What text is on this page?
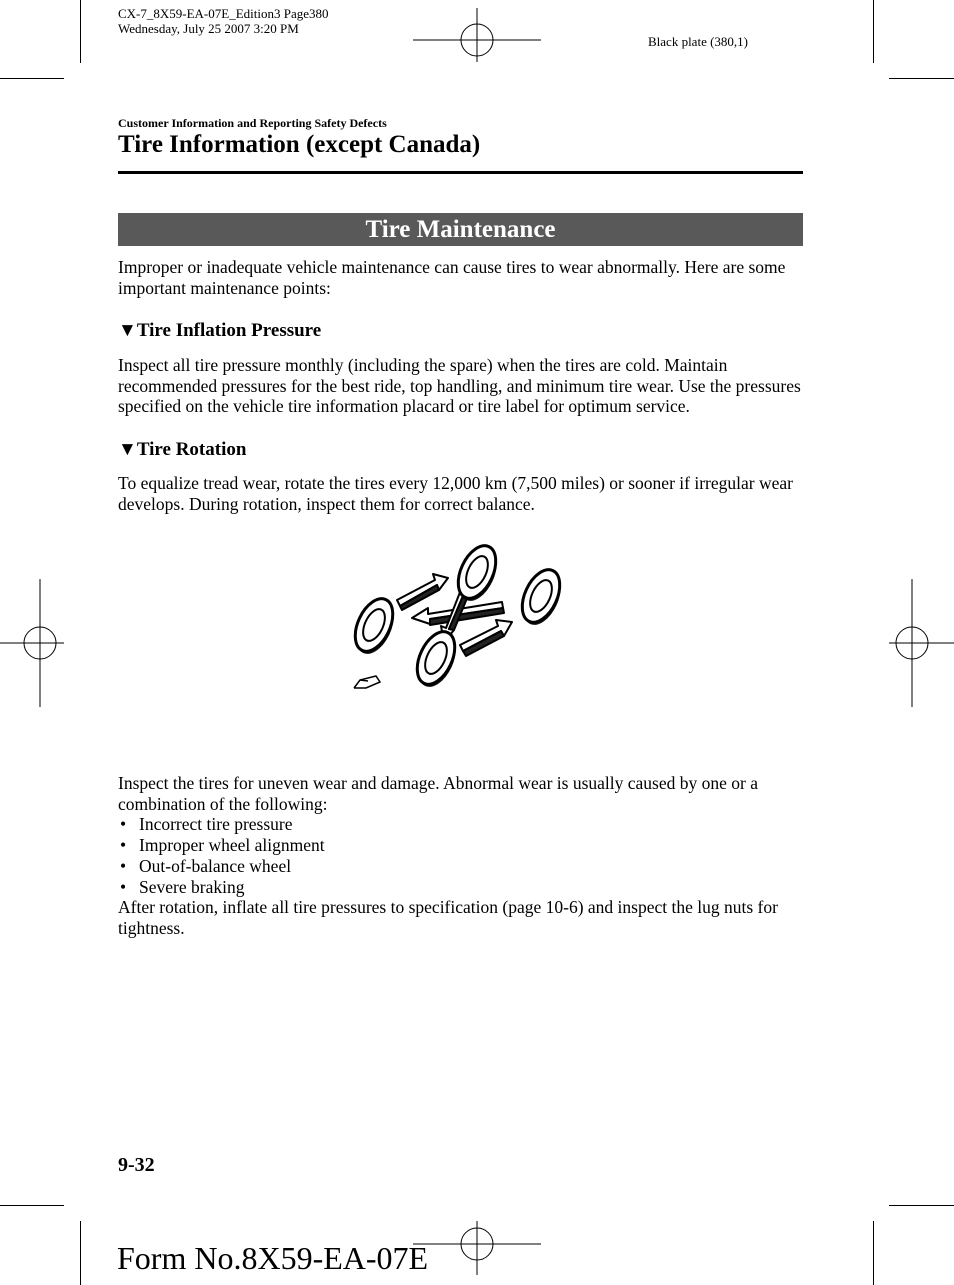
CX-7_8X59-EA-07E_Edition3 Page380
Wednesday, July 25 2007 3:20 PM
Black plate (380,1)
Customer Information and Reporting Safety Defects
Tire Information (except Canada)
Tire Maintenance
Improper or inadequate vehicle maintenance can cause tires to wear abnormally. Here are some important maintenance points:
▼Tire Inflation Pressure
Inspect all tire pressure monthly (including the spare) when the tires are cold. Maintain recommended pressures for the best ride, top handling, and minimum tire wear. Use the pressures specified on the vehicle tire information placard or tire label for optimum service.
▼Tire Rotation
To equalize tread wear, rotate the tires every 12,000 km (7,500 miles) or sooner if irregular wear develops. During rotation, inspect them for correct balance.
Inspect the tires for uneven wear and damage. Abnormal wear is usually caused by one or a combination of the following:
• Incorrect tire pressure
• Improper wheel alignment
• Out-of-balance wheel
• Severe braking
After rotation, inflate all tire pressures to specification (page 10-6) and inspect the lug nuts for tightness.
9-32
Form No.8X59-EA-07E
